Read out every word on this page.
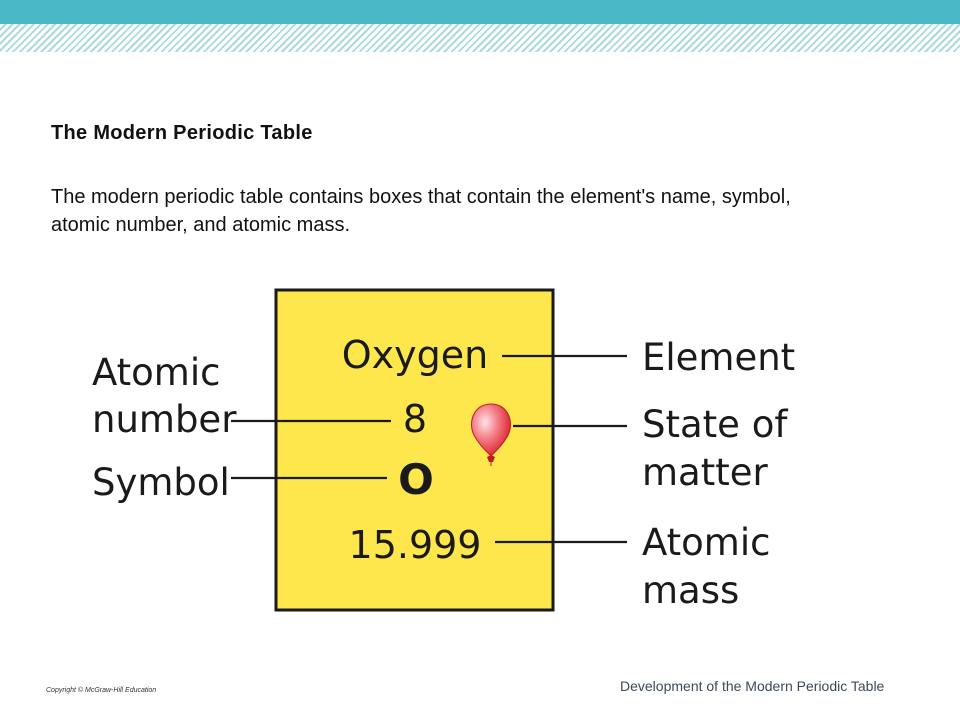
The Modern Periodic Table

The modern periodic table contains boxes that contain the element's name, symbol, atomic number, and atomic mass.

Oxygen
8
O
15.999
Atomic
number
Symbol
Element
State of
matter
Atomic
mass
Copyright © McGraw-Hill Education	Development of the Modern Periodic Table
